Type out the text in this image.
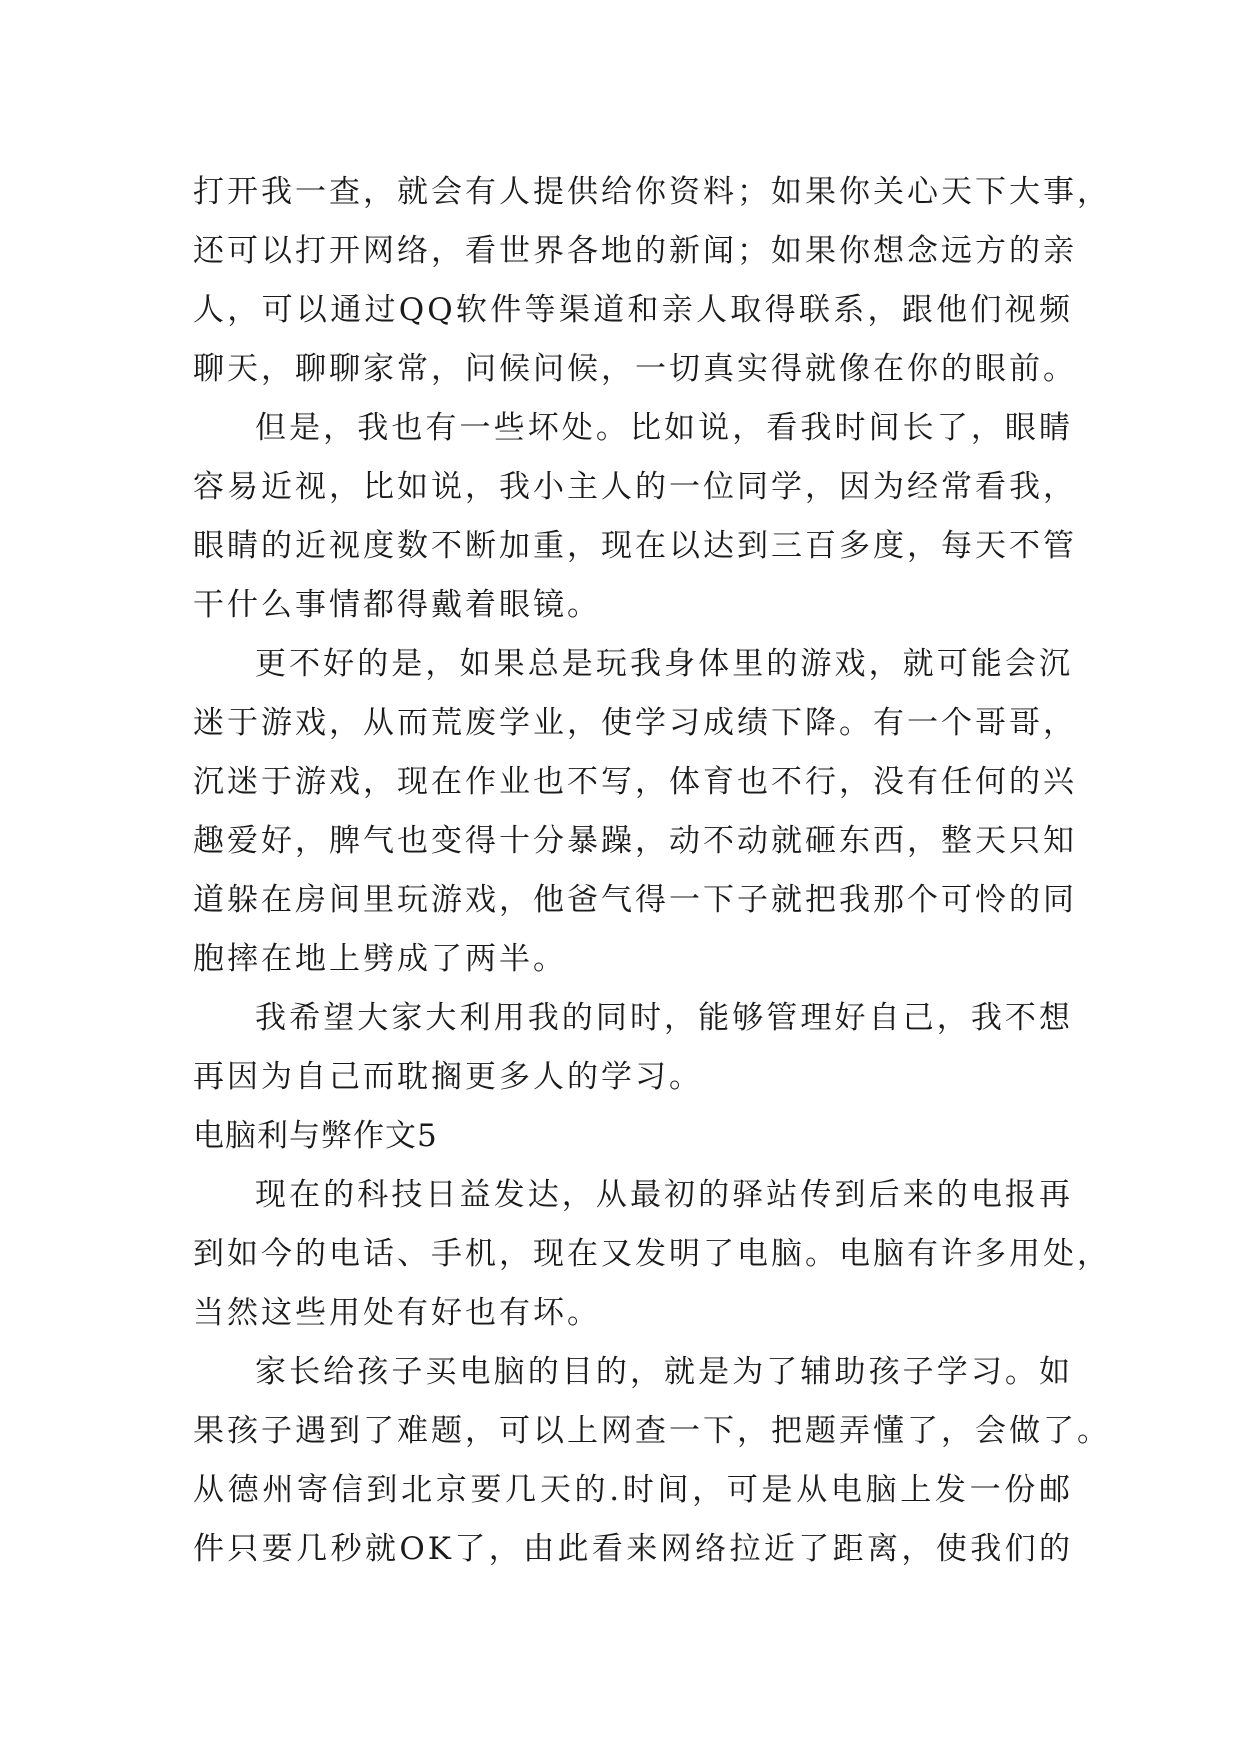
打开我一查，就会有人提供给你资料；如果你关心天下大事，
还可以打开网络，看世界各地的新闻；如果你想念远方的亲
人，可以通过QQ软件等渠道和亲人取得联系，跟他们视频
聊天，聊聊家常，问候问候，一切真实得就像在你的眼前。
但是，我也有一些坏处。比如说，看我时间长了，眼睛
容易近视，比如说，我小主人的一位同学，因为经常看我，
眼睛的近视度数不断加重，现在以达到三百多度，每天不管
干什么事情都得戴着眼镜。
更不好的是，如果总是玩我身体里的游戏，就可能会沉
迷于游戏，从而荒废学业，使学习成绩下降。有一个哥哥，
沉迷于游戏，现在作业也不写，体育也不行，没有任何的兴
趣爱好，脾气也变得十分暴躁，动不动就砸东西，整天只知
道躲在房间里玩游戏，他爸气得一下子就把我那个可怜的同
胞摔在地上劈成了两半。
我希望大家大利用我的同时，能够管理好自己，我不想
再因为自己而耽搁更多人的学习。
电脑利与弊作文5
现在的科技日益发达，从最初的驿站传到后来的电报再
到如今的电话、手机，现在又发明了电脑。电脑有许多用处，
当然这些用处有好也有坏。
家长给孩子买电脑的目的，就是为了辅助孩子学习。如
果孩子遇到了难题，可以上网查一下，把题弄懂了，会做了。
从德州寄信到北京要几天的.时间，可是从电脑上发一份邮
件只要几秒就OK了，由此看来网络拉近了距离，使我们的
